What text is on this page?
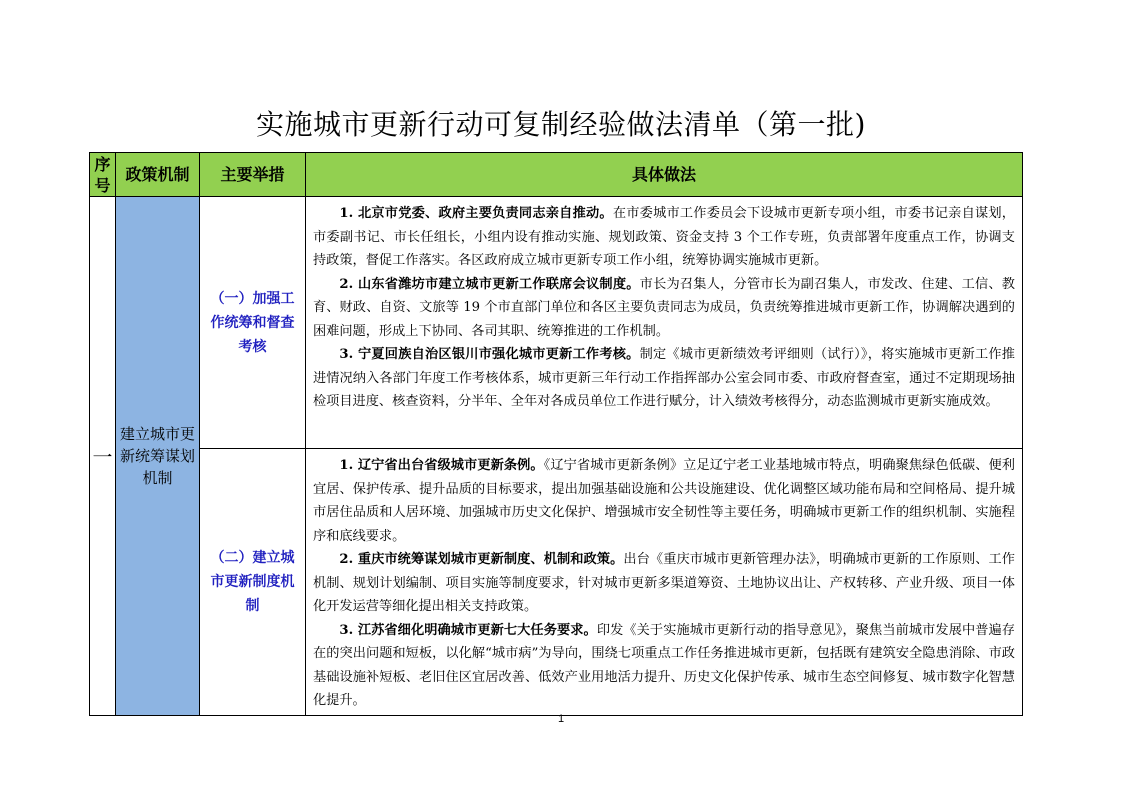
实施城市更新行动可复制经验做法清单（第一批)
序号	政策机制	主要举措	具体做法
一	建立城市更新统筹谋划机制	（一）加强工作统筹和督查考核	1. 北京市党委、政府主要负责同志亲自推动。在市委城市工作委员会下设城市更新专项小组，市委书记亲自谋划，市委副书记、市长任组长，小组内设有推动实施、规划政策、资金支持 3 个工作专班，负责部署年度重点工作，协调支持政策，督促工作落实。各区政府成立城市更新专项工作小组，统筹协调实施城市更新。

2. 山东省潍坊市建立城市更新工作联席会议制度。市长为召集人，分管市长为副召集人，市发改、住建、工信、教育、财政、自资、文旅等 19 个市直部门单位和各区主要负责同志为成员，负责统筹推进城市更新工作，协调解决遇到的困难问题，形成上下协同、各司其职、统筹推进的工作机制。

3. 宁夏回族自治区银川市强化城市更新工作考核。制定《城市更新绩效考评细则（试行）》，将实施城市更新工作推进情况纳入各部门年度工作考核体系，城市更新三年行动工作指挥部办公室会同市委、市政府督查室，通过不定期现场抽检项目进度、核查资料，分半年、全年对各成员单位工作进行赋分，计入绩效考核得分，动态监测城市更新实施成效。

		（二）建立城市更新制度机制	1. 辽宁省出台省级城市更新条例。《辽宁省城市更新条例》立足辽宁老工业基地城市特点，明确聚焦绿色低碳、便利宜居、保护传承、提升品质的目标要求，提出加强基础设施和公共设施建设、优化调整区域功能布局和空间格局、提升城市居住品质和人居环境、加强城市历史文化保护、增强城市安全韧性等主要任务，明确城市更新工作的组织机制、实施程序和底线要求。

2. 重庆市统筹谋划城市更新制度、机制和政策。出台《重庆市城市更新管理办法》，明确城市更新的工作原则、工作机制、规划计划编制、项目实施等制度要求，针对城市更新多渠道筹资、土地协议出让、产权转移、产业升级、项目一体化开发运营等细化提出相关支持政策。

3. 江苏省细化明确城市更新七大任务要求。印发《关于实施城市更新行动的指导意见》，聚焦当前城市发展中普遍存在的突出问题和短板，以化解“城市病”为导向，围绕七项重点工作任务推进城市更新，包括既有建筑安全隐患消除、市政基础设施补短板、老旧住区宜居改善、低效产业用地活力提升、历史文化保护传承、城市生态空间修复、城市数字化智慧化提升。

1
